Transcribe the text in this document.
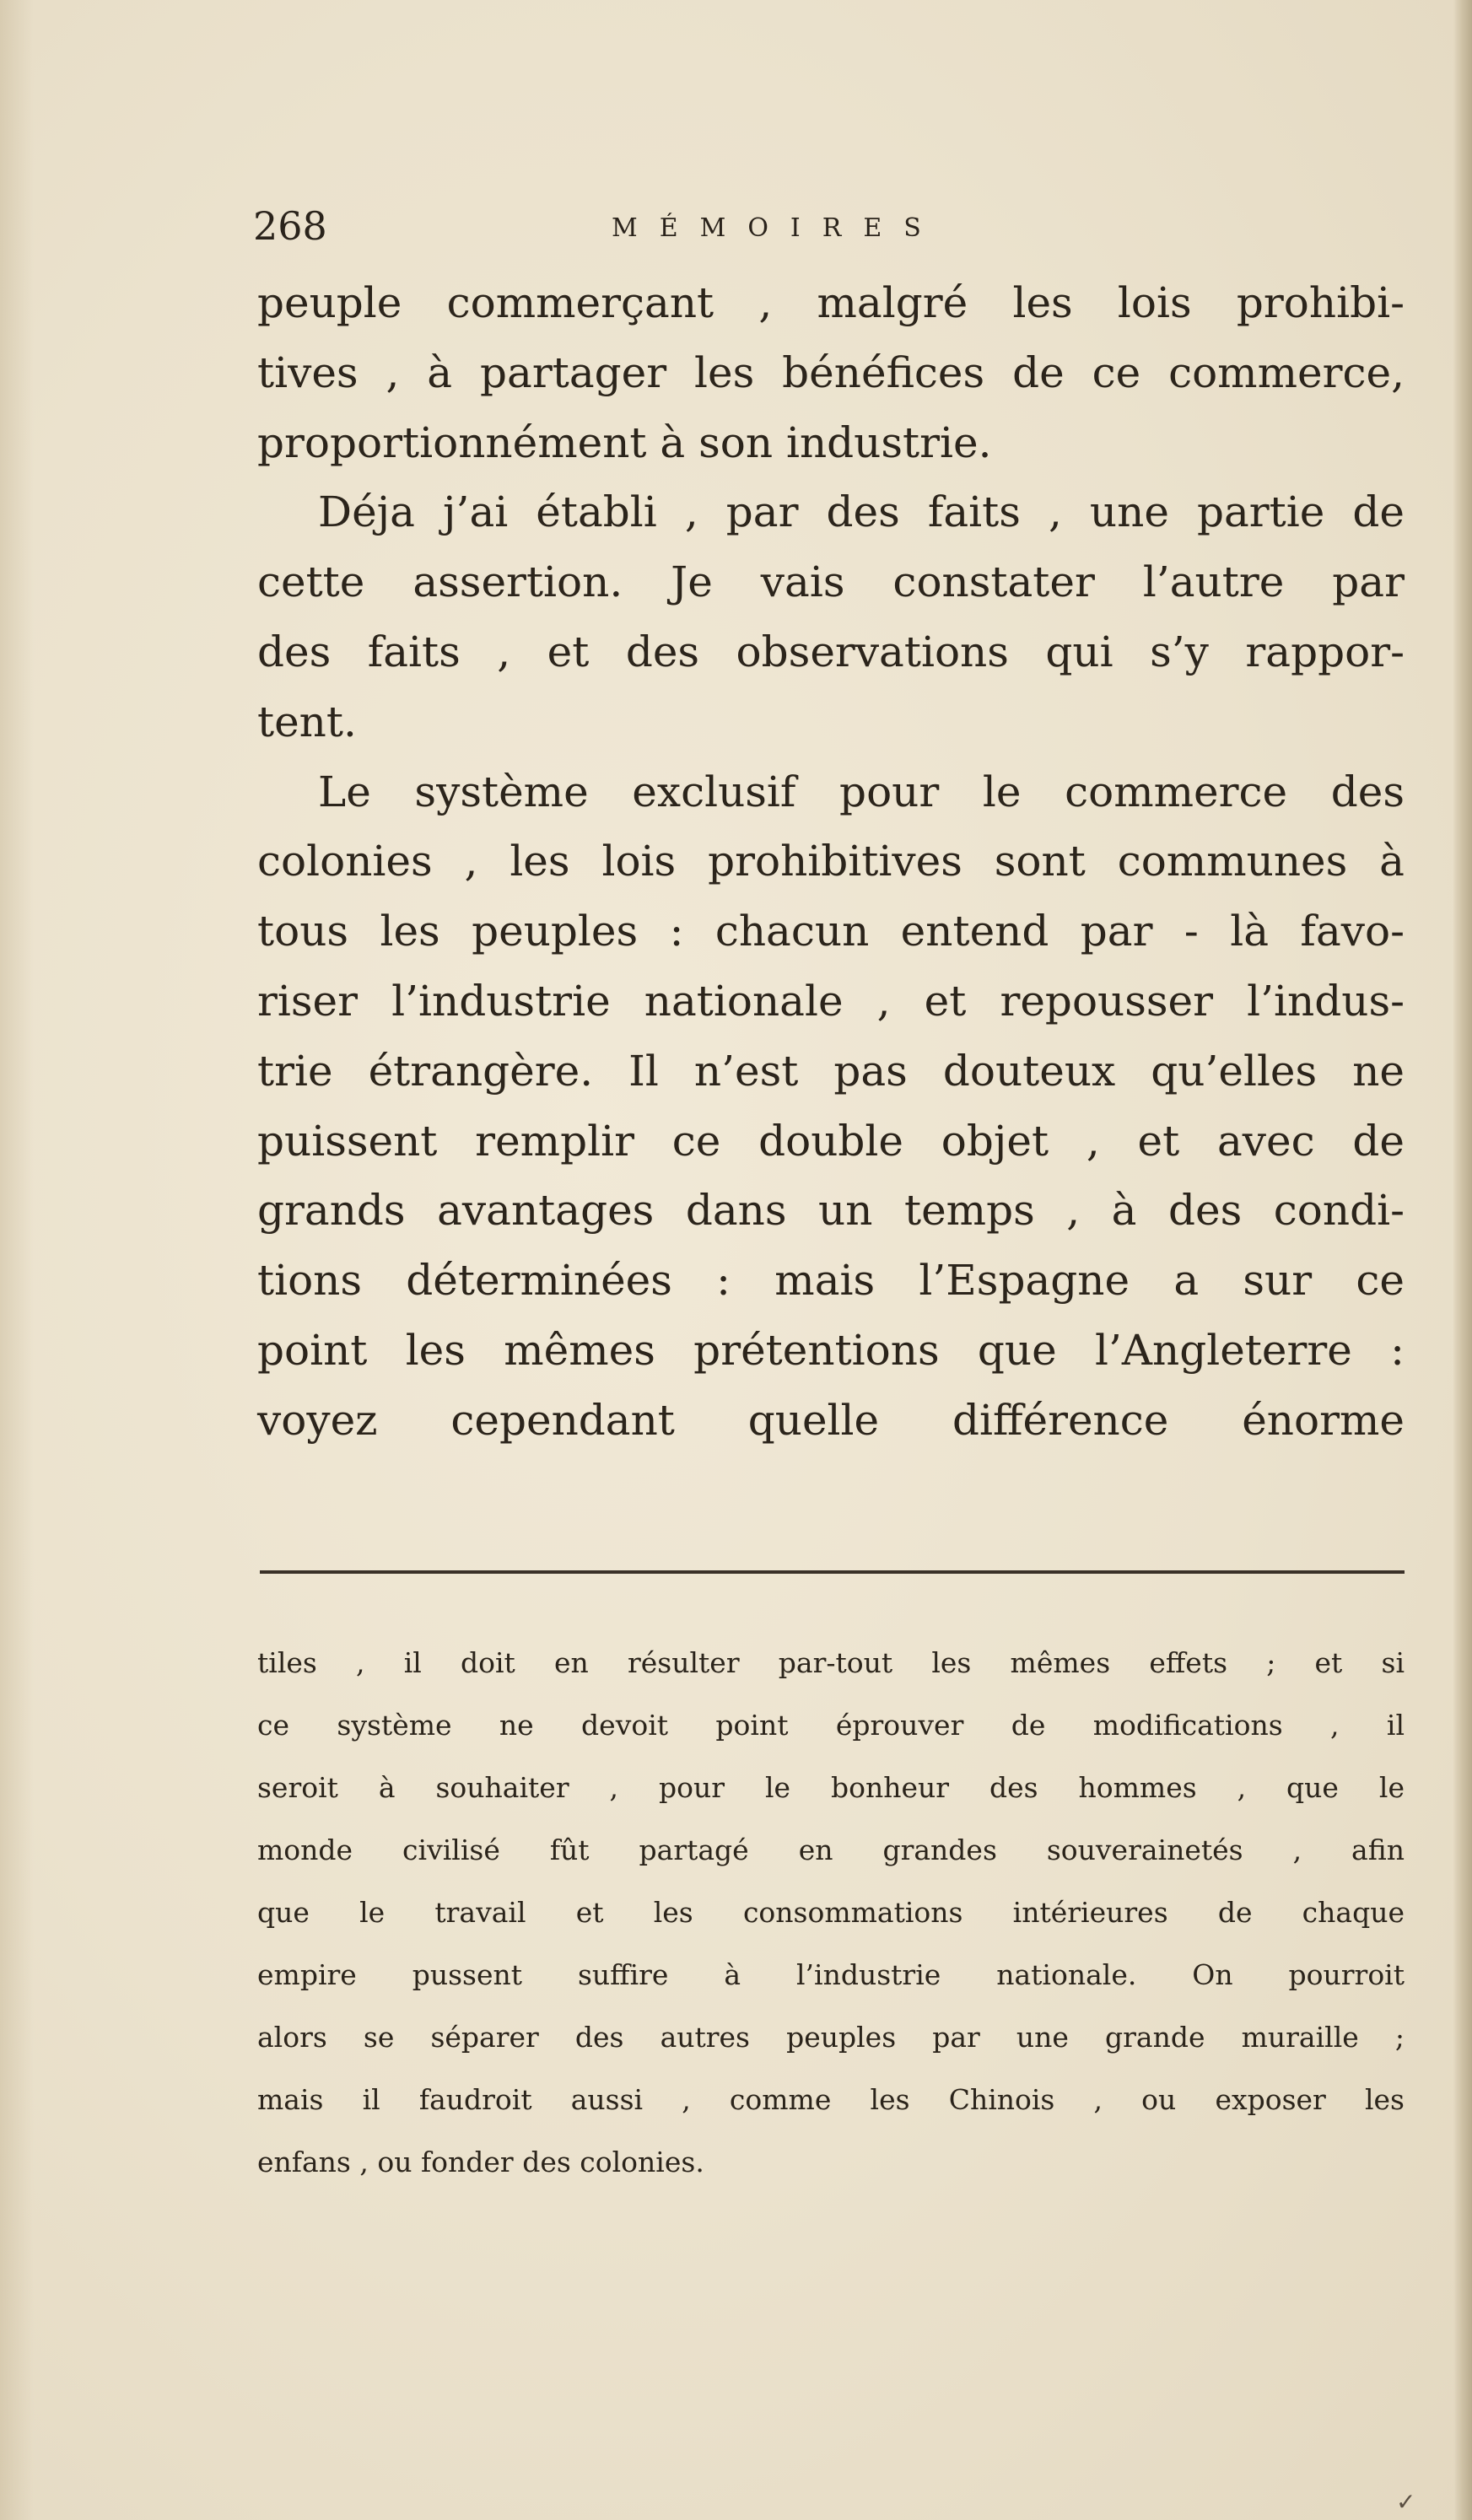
268	MÉMOIRES

peuple commerçant , malgré les lois prohibi-
tives , à partager les bénéfices de ce commerce,
proportionnément à son industrie.

Déja j’ai établi , par des faits , une partie de
cette assertion. Je vais constater l’autre par
des faits , et des observations qui s’y rappor-
tent.

Le système exclusif pour le commerce des
colonies , les lois prohibitives sont communes à
tous les peuples : chacun entend par - là favo-
riser l’industrie nationale , et repousser l’indus-
trie étrangère. Il n’est pas douteux qu’elles ne
puissent remplir ce double objet , et avec de
grands avantages dans un temps , à des condi-
tions déterminées : mais l’Espagne a sur ce
point les mêmes prétentions que l’Angleterre :
voyez cependant quelle différence énorme

tiles , il doit en résulter par-tout les mêmes effets ; et si
ce système ne devoit point éprouver de modifications , il
seroit à souhaiter , pour le bonheur des hommes , que le
monde civilisé fût partagé en grandes souverainetés , afin
que le travail et les consommations intérieures de chaque
empire pussent suffire à l’industrie nationale. On pourroit
alors se séparer des autres peuples par une grande muraille ;
mais il faudroit aussi , comme les Chinois , ou exposer les
enfans , ou fonder des colonies.
✓
